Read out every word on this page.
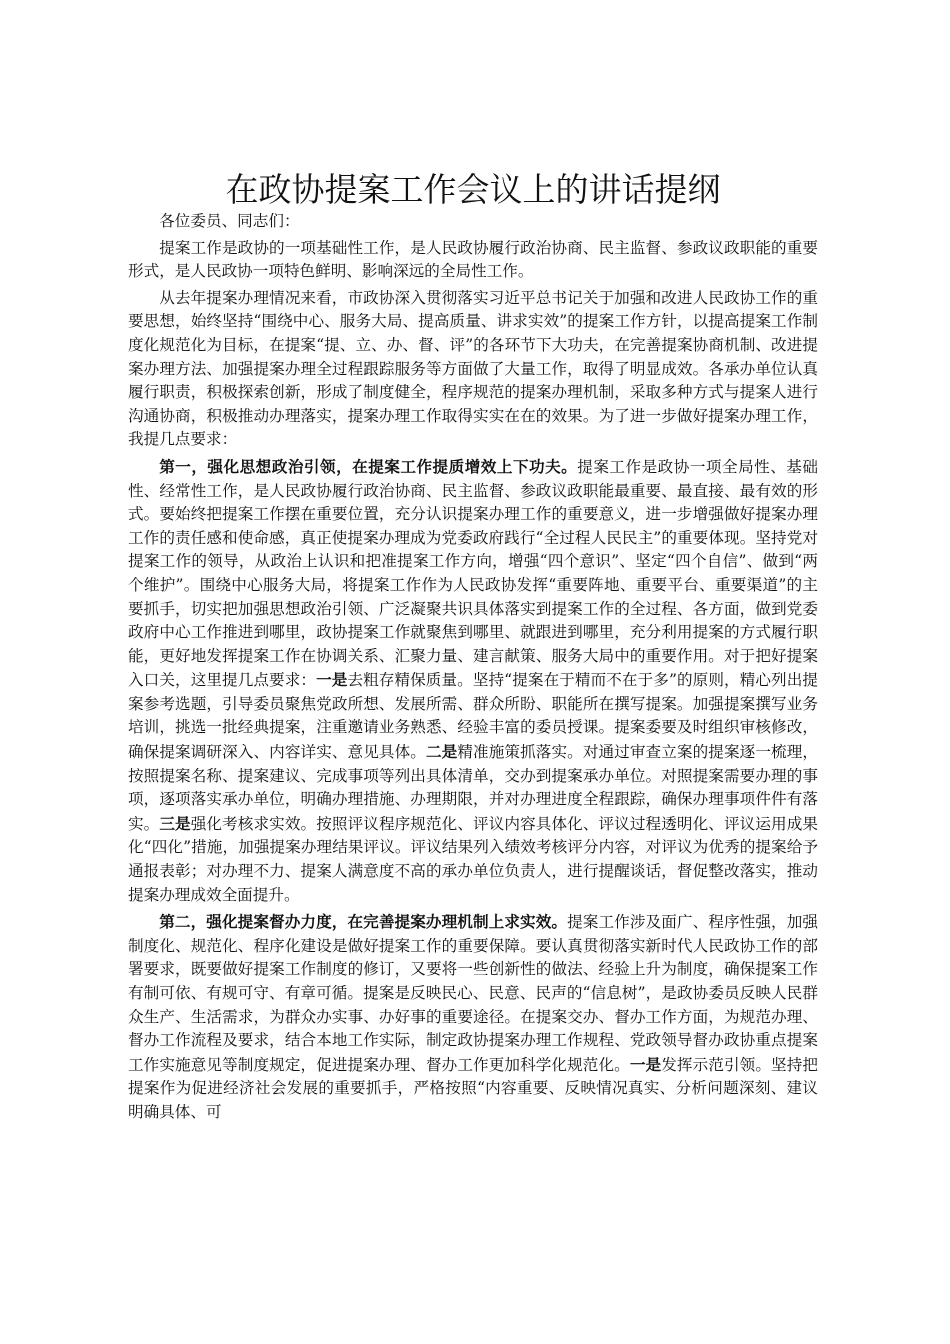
在政协提案工作会议上的讲话提纲

各位委员、同志们：

提案工作是政协的一项基础性工作，是人民政协履行政治协商、民主监督、参政议政职能的重要形式，是人民政协一项特色鲜明、影响深远的全局性工作。

从去年提案办理情况来看，市政协深入贯彻落实习近平总书记关于加强和改进人民政协工作的重要思想，始终坚持“围绕中心、服务大局、提高质量、讲求实效”的提案工作方针，以提高提案工作制度化规范化为目标，在提案“提、立、办、督、评”的各环节下大功夫，在完善提案协商机制、改进提案办理方法、加强提案办理全过程跟踪服务等方面做了大量工作，取得了明显成效。各承办单位认真履行职责，积极探索创新，形成了制度健全，程序规范的提案办理机制，采取多种方式与提案人进行沟通协商，积极推动办理落实，提案办理工作取得实实在在的效果。为了进一步做好提案办理工作，我提几点要求：

第一，强化思想政治引领，在提案工作提质增效上下功夫。提案工作是政协一项全局性、基础性、经常性工作，是人民政协履行政治协商、民主监督、参政议政职能最重要、最直接、最有效的形式。要始终把提案工作摆在重要位置，充分认识提案办理工作的重要意义，进一步增强做好提案办理工作的责任感和使命感，真正使提案办理成为党委政府践行“全过程人民民主”的重要体现。坚持党对提案工作的领导，从政治上认识和把准提案工作方向，增强“四个意识”、坚定“四个自信”、做到“两个维护”。围绕中心服务大局，将提案工作作为人民政协发挥“重要阵地、重要平台、重要渠道”的主要抓手，切实把加强思想政治引领、广泛凝聚共识具体落实到提案工作的全过程、各方面，做到党委政府中心工作推进到哪里，政协提案工作就聚焦到哪里、就跟进到哪里，充分利用提案的方式履行职能，更好地发挥提案工作在协调关系、汇聚力量、建言献策、服务大局中的重要作用。对于把好提案入口关，这里提几点要求：一是去粗存精保质量。坚持“提案在于精而不在于多”的原则，精心列出提案参考选题，引导委员聚焦党政所想、发展所需、群众所盼、职能所在撰写提案。加强提案撰写业务培训，挑选一批经典提案，注重邀请业务熟悉、经验丰富的委员授课。提案委要及时组织审核修改，确保提案调研深入、内容详实、意见具体。二是精准施策抓落实。对通过审查立案的提案逐一梳理，按照提案名称、提案建议、完成事项等列出具体清单，交办到提案承办单位。对照提案需要办理的事项，逐项落实承办单位，明确办理措施、办理期限，并对办理进度全程跟踪，确保办理事项件件有落实。三是强化考核求实效。按照评议程序规范化、评议内容具体化、评议过程透明化、评议运用成果化“四化”措施，加强提案办理结果评议。评议结果列入绩效考核评分内容，对评议为优秀的提案给予通报表彰；对办理不力、提案人满意度不高的承办单位负责人，进行提醒谈话，督促整改落实，推动提案办理成效全面提升。

第二，强化提案督办力度，在完善提案办理机制上求实效。提案工作涉及面广、程序性强，加强制度化、规范化、程序化建设是做好提案工作的重要保障。要认真贯彻落实新时代人民政协工作的部署要求，既要做好提案工作制度的修订，又要将一些创新性的做法、经验上升为制度，确保提案工作有制可依、有规可守、有章可循。提案是反映民心、民意、民声的“信息树”，是政协委员反映人民群众生产、生活需求，为群众办实事、办好事的重要途径。在提案交办、督办工作方面，为规范办理、督办工作流程及要求，结合本地工作实际，制定政协提案办理工作规程、党政领导督办政协重点提案工作实施意见等制度规定，促进提案办理、督办工作更加科学化规范化。一是发挥示范引领。坚持把提案作为促进经济社会发展的重要抓手，严格按照“内容重要、反映情况真实、分析问题深刻、建议明确具体、可
